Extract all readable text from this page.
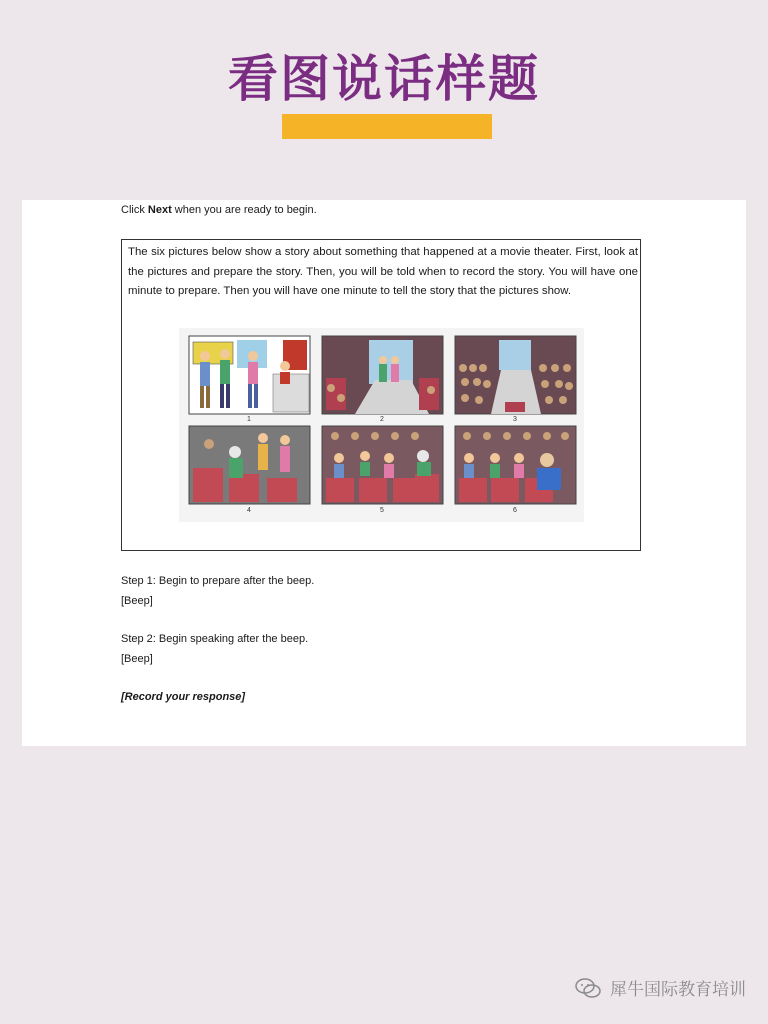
看图说话样题
Click Next when you are ready to begin.
The six pictures below show a story about something that happened at a movie theater. First, look at the pictures and prepare the story. Then, you will be told when to record the story. You will have one minute to prepare. Then you will have one minute to tell the story that the pictures show.
1	2	3
4	5	6
Step 1: Begin to prepare after the beep.
[Beep]
Step 2: Begin speaking after the beep.
[Beep]
[Record your response]
犀牛国际教育培训
